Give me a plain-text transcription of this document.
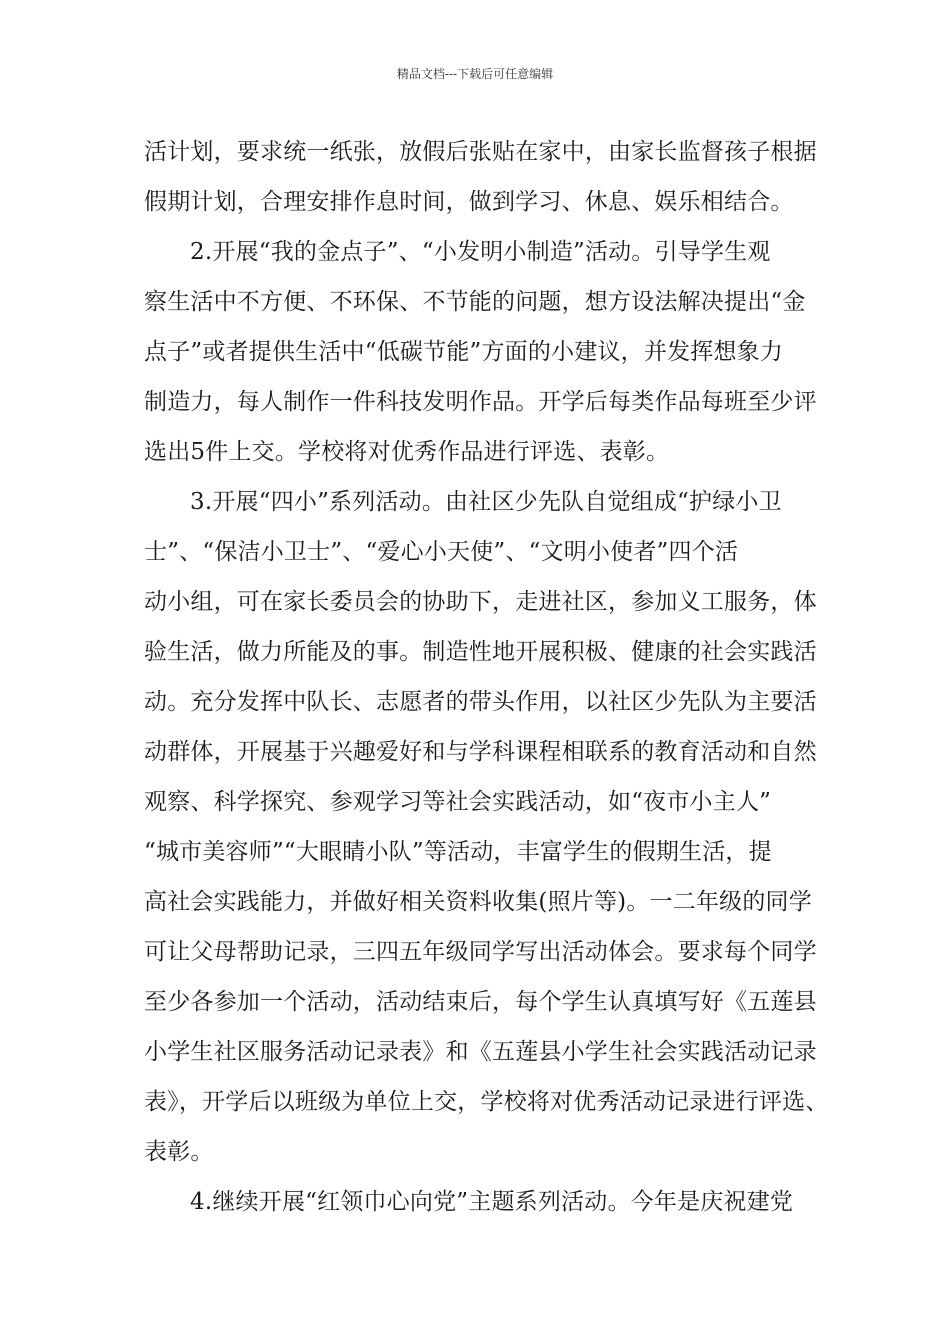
精品文档---下载后可任意编辑
活计划，要求统一纸张，放假后张贴在家中，由家长监督孩子根据
假期计划，合理安排作息时间，做到学习、休息、娱乐相结合。
2.开展“我的金点子”、“小发明小制造”活动。引导学生观
察生活中不方便、不环保、不节能的问题，想方设法解决提出“金
点子”或者提供生活中“低碳节能”方面的小建议，并发挥想象力
制造力，每人制作一件科技发明作品。开学后每类作品每班至少评
选出5件上交。学校将对优秀作品进行评选、表彰。
3.开展“四小”系列活动。由社区少先队自觉组成“护绿小卫
士”、“保洁小卫士”、“爱心小天使”、“文明小使者”四个活
动小组，可在家长委员会的协助下，走进社区，参加义工服务，体
验生活，做力所能及的事。制造性地开展积极、健康的社会实践活
动。充分发挥中队长、志愿者的带头作用，以社区少先队为主要活
动群体，开展基于兴趣爱好和与学科课程相联系的教育活动和自然
观察、科学探究、参观学习等社会实践活动，如“夜市小主人”
“城市美容师”“大眼睛小队”等活动，丰富学生的假期生活，提
高社会实践能力，并做好相关资料收集(照片等)。一二年级的同学
可让父母帮助记录，三四五年级同学写出活动体会。要求每个同学
至少各参加一个活动，活动结束后，每个学生认真填写好《五莲县
小学生社区服务活动记录表》和《五莲县小学生社会实践活动记录
表》，开学后以班级为单位上交，学校将对优秀活动记录进行评选、
表彰。
4.继续开展“红领巾心向党”主题系列活动。今年是庆祝建党
